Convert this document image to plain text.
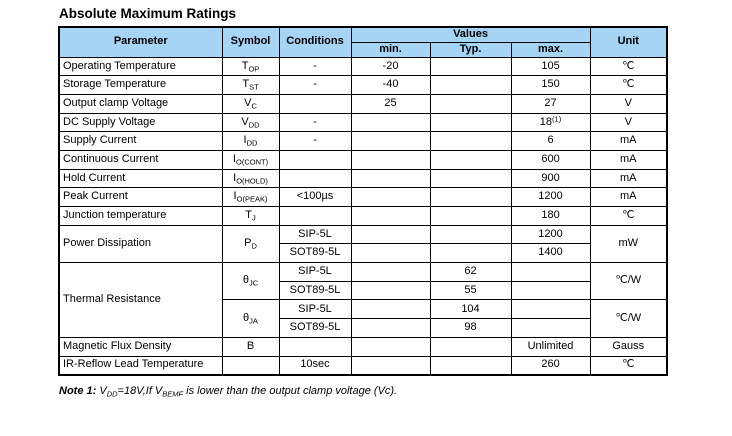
Absolute Maximum Ratings
Parameter	Symbol	Conditions	Values			Unit
			min.	Typ.	max.	
Operating Temperature	$T_{OP}$	-	-20		105	℃
Storage Temperature	$T_{ST}$	-	-40		150	℃
Output clamp Voltage	$V_C$		25		27	V
DC Supply Voltage	$V_{DD}$	-			18$^{(1)}$	V
Supply Current	$I_{DD}$	-			6	mA
Continuous Current	$I_{O(CONT)}$				600	mA
Hold Current	$I_{O(HOLD)}$				900	mA
Peak Current	$I_{O(PEAK)}$	<100µs			1200	mA
Junction temperature	$T_J$				180	℃
Power Dissipation	$P_D$	SIP-5L			1200	mW
		SOT89-5L			1400	
Thermal Resistance	$\theta_{JC}$	SIP-5L		62		℃/W
		SOT89-5L		55		
	$\theta_{JA}$	SIP-5L		104		℃/W
		SOT89-5L		98		
Magnetic Flux Density	B				Unlimited	Gauss
IR-Reflow Lead Temperature		10sec			260	℃

Note 1: $V_{DD}=18V,If$ $V_{BEMF}$ is lower than the output clamp voltage (Vc).
